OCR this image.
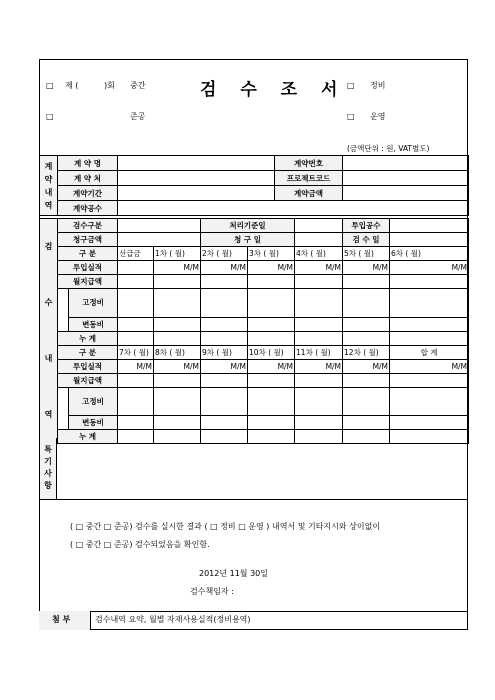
□ 제 (	)회 중간	검 수 조 서 □ 정비
□	준공	□ 운영
(금액단위 : 원, VAT별도)
계약내역	계 약 명		계약번호	
	계 약 처		프로젝트코드	
	계약기간		계약금액	
	계약공수			
검수내역	검수구분				처리기준일			투입공수	
	청구금액				청 구 일			검 수 일	
	구 분		선급금	1차 ( 월)	2차 ( 월)	3차 ( 월)	4차 ( 월)	5차 ( 월)	6차 ( 월)
	투입실적			M/M	M/M	M/M	M/M	M/M	M/M
	월지급액								
		고정비							
		변동비							
	누 계								
	구 분		7차 ( 월)	8차 ( 월)	9차 ( 월)	10차 ( 월)	11차 ( 월)	12차 ( 월)	합 계
	투입실적		M/M	M/M	M/M	M/M	M/M	M/M	M/M
	월지급액								
		고정비							
		변동비							
	누 계								
특기사항
( □ 중간 □ 준공) 검수를 실시한 결과 ( □ 정비 □ 운영 ) 내역서 및 기타지시와 상이없이
( □ 중간 □ 준공) 검수되었음을 확인함.
2012년 11월 30일
검수책임자 :
첨 부	검수내역 요약, 월별 자재사용실적(정비용역)
